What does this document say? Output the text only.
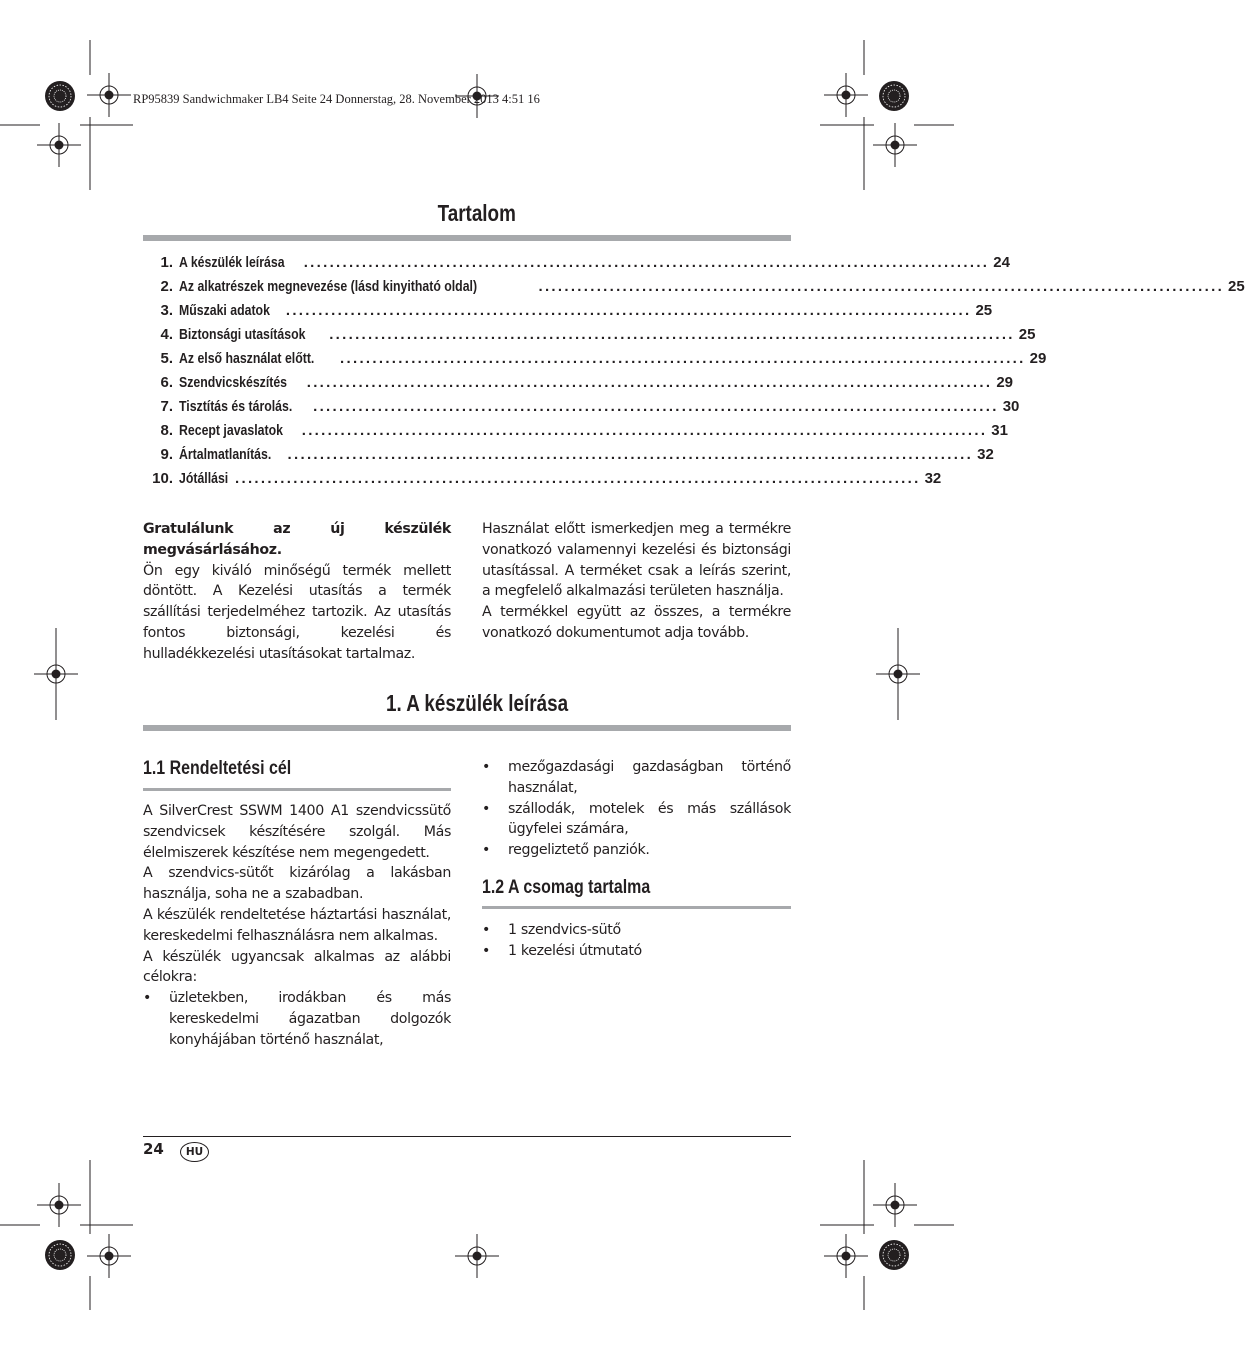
RP95839 Sandwichmaker LB4 Seite 24 Donnerstag, 28. November 2013 4:51 16
Tartalom
1. A készülék leírása .......................................................................................................... 24
2. Az alkatrészek megnevezése (lásd kinyitható oldal)	.......................................................................................................... 25
3. Műszaki adatok .......................................................................................................... 25
4. Biztonsági utasítások .......................................................................................................... 25
5. Az első használat előtt. .......................................................................................................... 29
6. Szendvicskészítés .......................................................................................................... 29
7. Tisztítás és tárolás. .......................................................................................................... 30
8. Recept javaslatok .......................................................................................................... 31
9. Ártalmatlanítás. .......................................................................................................... 32
10. Jótállási .......................................................................................................... 32
Gratulálunk az új készülék megvásárlásához.
Ön egy kiváló minőségű termék mellett döntött. A Kezelési utasítás a termék szállítási terjedelméhez tartozik. Az utasítás fontos biztonsági, kezelési és hulladékkezelési utasításokat tartalmaz.
Használat előtt ismerkedjen meg a termékre vonatkozó valamennyi kezelési és biztonsági utasítással. A terméket csak a leírás szerint, a megfelelő alkalmazási területen használja.
A termékkel együtt az összes, a termékre vonatkozó dokumentumot adja tovább.
1. A készülék leírása
1.1 Rendeltetési cél
A SilverCrest SSWM 1400 A1 szendvicssütő szendvicsek készítésére szolgál. Más élelmiszerek készítése nem megengedett.
A szendvics-sütőt kizárólag a lakásban használja, soha ne a szabadban.
A készülék rendeltetése háztartási használat, kereskedelmi felhasználásra nem alkalmas.
A készülék ugyancsak alkalmas az alábbi célokra:
• üzletekben, irodákban és más kereskedelmi ágazatban dolgozók konyhájában történő használat,
• mezőgazdasági gazdaságban történő használat,
• szállodák, motelek és más szállások ügyfelei számára,
• reggeliztető panziók.
1.2 A csomag tartalma
• 1 szendvics-sütő
• 1 kezelési útmutató
24	HU
